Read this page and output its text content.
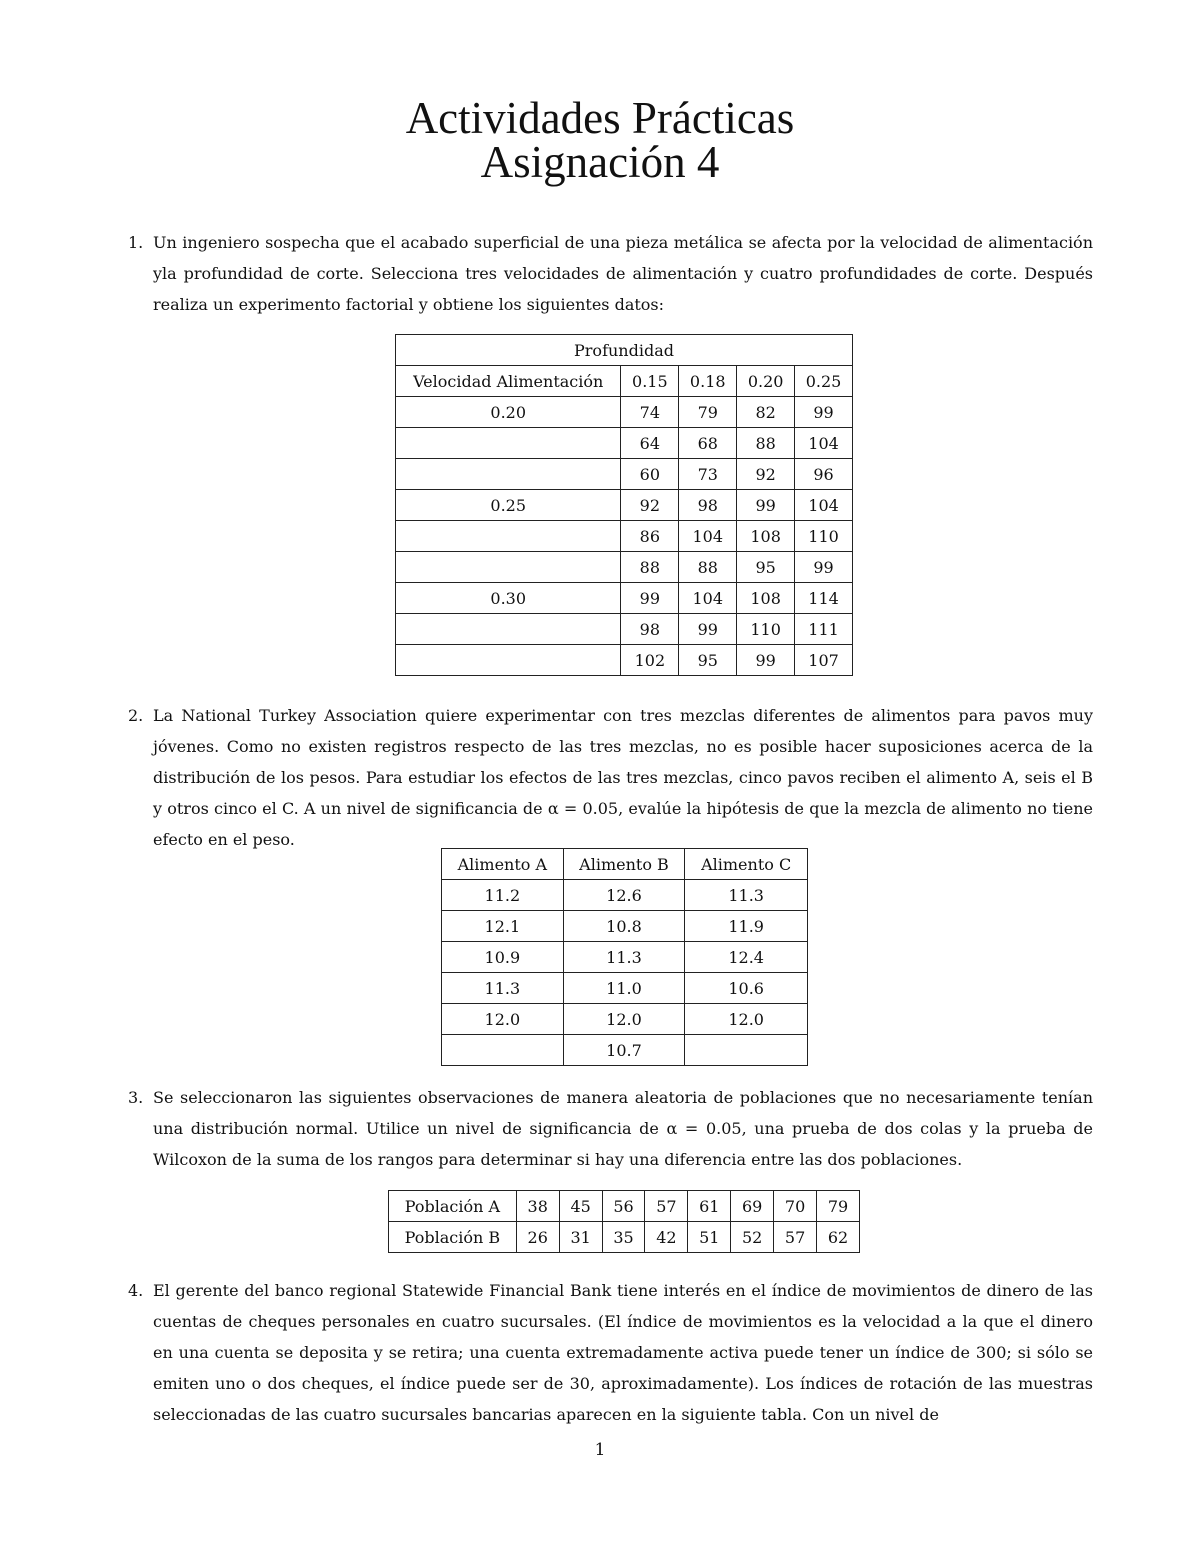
Actividades Prácticas
Asignación 4
1. Un ingeniero sospecha que el acabado superficial de una pieza metálica se afecta por la velocidad de alimentación yla profundidad de corte. Selecciona tres velocidades de alimentación y cuatro profundidades de corte. Después realiza un experimento factorial y obtiene los siguientes datos:

Profundidad				
Velocidad Alimentación	0.15	0.18	0.20	0.25
0.20	74	79	82	99
	64	68	88	104
	60	73	92	96
0.25	92	98	99	104
	86	104	108	110
	88	88	95	99
0.30	99	104	108	114
	98	99	110	111
	102	95	99	107
2. La National Turkey Association quiere experimentar con tres mezclas diferentes de alimentos para pavos muy jóvenes. Como no existen registros respecto de las tres mezclas, no es posible hacer suposiciones acerca de la distribución de los pesos. Para estudiar los efectos de las tres mezclas, cinco pavos reciben el alimento A, seis el B y otros cinco el C. A un nivel de significancia de α = 0.05, evalúe la hipótesis de que la mezcla de alimento no tiene efecto en el peso.

Alimento A	Alimento B	Alimento C
11.2	12.6	11.3
12.1	10.8	11.9
10.9	11.3	12.4
11.3	11.0	10.6
12.0	12.0	12.0
	10.7	
3. Se seleccionaron las siguientes observaciones de manera aleatoria de poblaciones que no necesariamente tenían una distribución normal. Utilice un nivel de significancia de α = 0.05, una prueba de dos colas y la prueba de Wilcoxon de la suma de los rangos para determinar si hay una diferencia entre las dos poblaciones.

Población A	38	45	56	57	61	69	70	79
Población B	26	31	35	42	51	52	57	62
4. El gerente del banco regional Statewide Financial Bank tiene interés en el índice de movimientos de dinero de las cuentas de cheques personales en cuatro sucursales. (El índice de movimientos es la velocidad a la que el dinero en una cuenta se deposita y se retira; una cuenta extremadamente activa puede tener un índice de 300; si sólo se emiten uno o dos cheques, el índice puede ser de 30, aproximadamente). Los índices de rotación de las muestras seleccionadas de las cuatro sucursales bancarias aparecen en la siguiente tabla. Con un nivel de

1
